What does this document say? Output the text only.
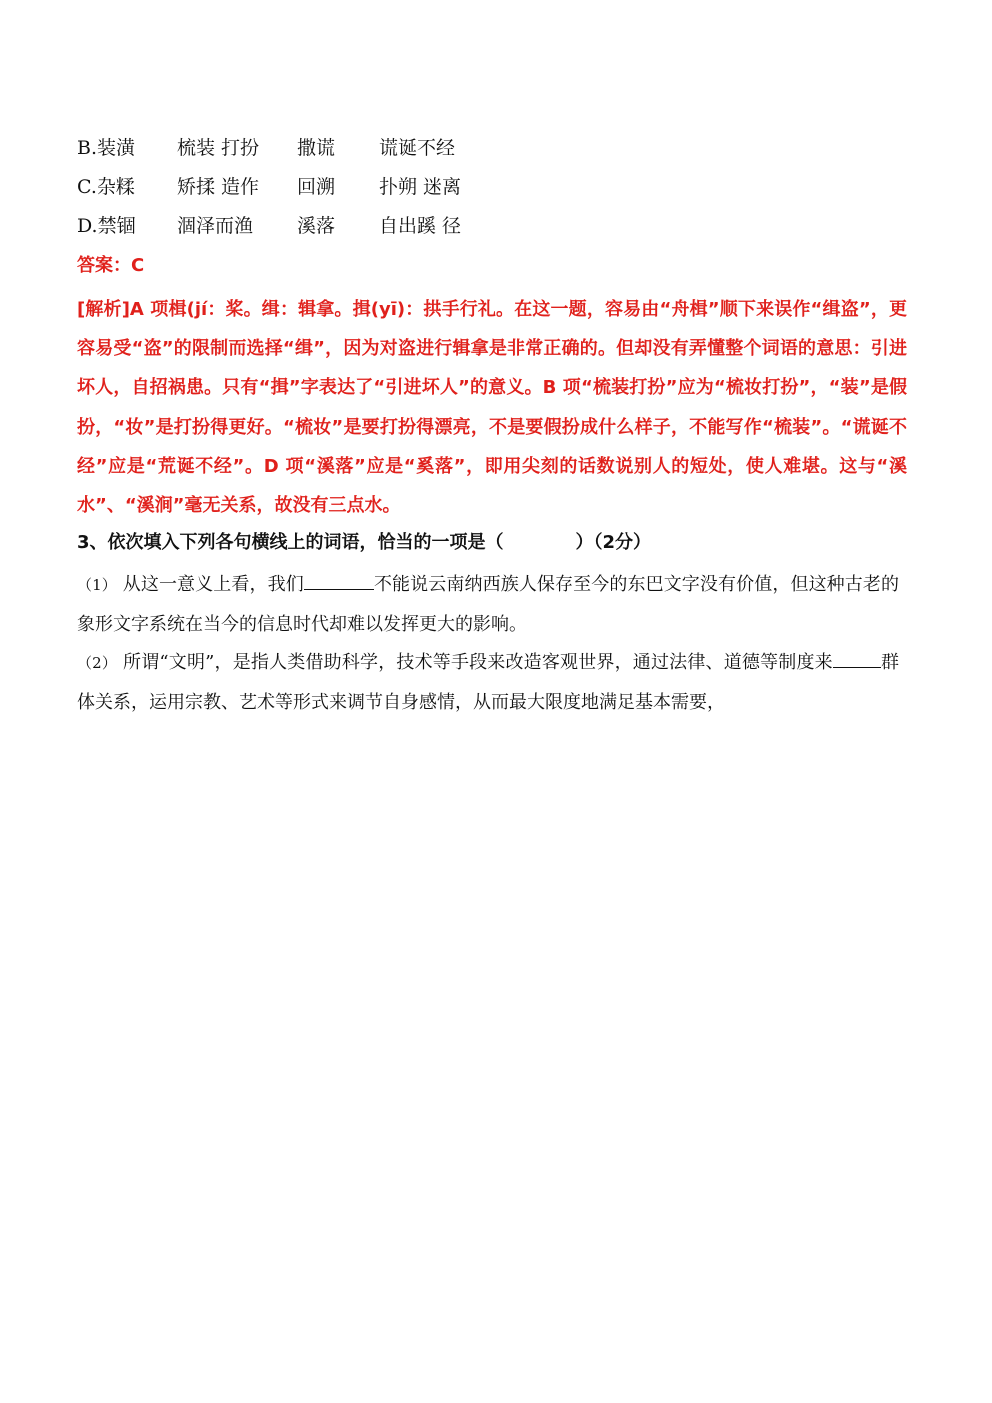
B.装潢 梳装 打扮 撒谎 谎诞不经
C.杂糅 矫揉 造作 回溯 扑朔 迷离
D.禁锢 涸泽而渔 溪落 自出蹊 径
答案：C
[解析]A 项楫(jí：桨。缉：辑拿。揖(yī)：拱手行礼。在这一题，容易由“舟楫”顺下来误作“缉盗”，更容易受“盗”的限制而选择“缉”，因为对盗进行辑拿是非常正确的。但却没有弄懂整个词语的意思：引进坏人，自招祸患。只有“揖”字表达了“引进坏人”的意义。B 项“梳装打扮”应为“梳妆打扮”，“装”是假扮，“妆”是打扮得更好。“梳妆”是要打扮得漂亮，不是要假扮成什么样子，不能写作“梳装”。“谎诞不经”应是“荒诞不经”。D 项“溪落”应是“奚落”，即用尖刻的话数说别人的短处，使人难堪。这与“溪水”、“溪涧”毫无关系，故没有三点水。
3、依次填入下列各句横线上的词语，恰当的一项是（　　　　）（2分）
（1） 从这一意义上看，我们	不能说云南纳西族人保存至今的东巴文字没有价值，但这种古老的象形文字系统在当今的信息时代却难以发挥更大的影响。
（2） 所谓“文明”，是指人类借助科学，技术等手段来改造客观世界，通过法律、道德等制度来	群体关系，运用宗教、艺术等形式来调节自身感情，从而最大限度地满足基本需要，
